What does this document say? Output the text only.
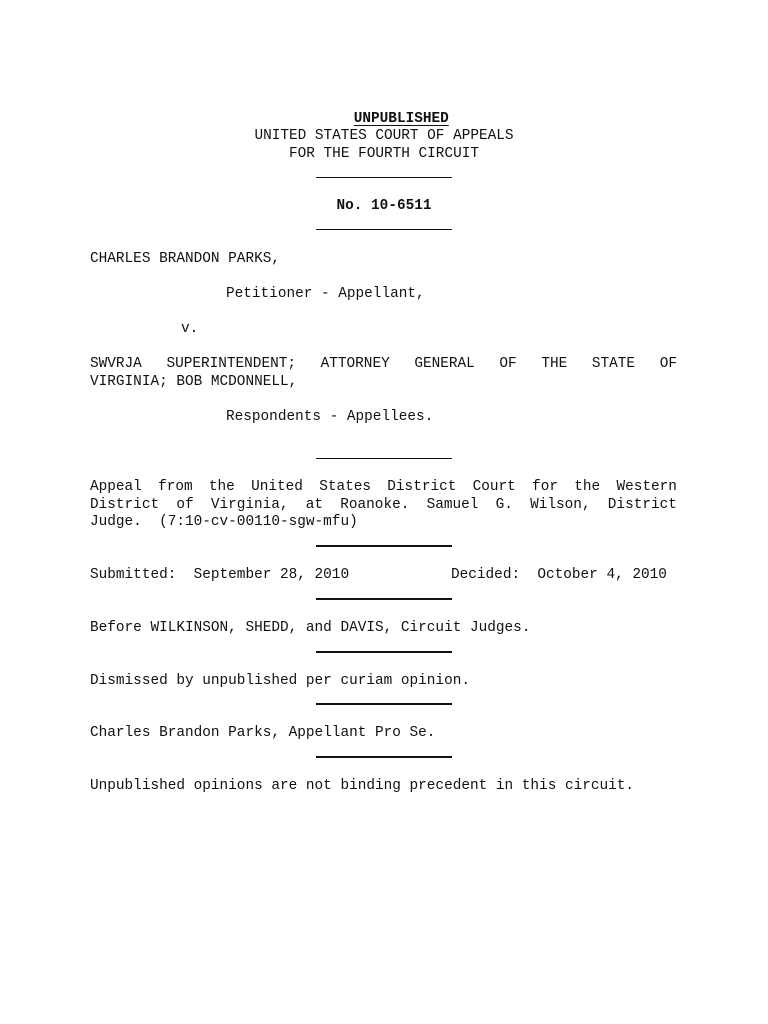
UNPUBLISHED

UNITED STATES COURT OF APPEALS
FOR THE FOURTH CIRCUIT
No. 10-6511
CHARLES BRANDON PARKS,
Petitioner - Appellant,
v.
SWVRJA SUPERINTENDENT; ATTORNEY GENERAL OF THE STATE OF
VIRGINIA; BOB MCDONNELL,
Respondents - Appellees.
Appeal from the United States District Court for the Western
District of Virginia, at Roanoke. Samuel G. Wilson, District
Judge.  (7:10-cv-00110-sgw-mfu)
Submitted:  September 28, 2010	Decided:  October 4, 2010
Before WILKINSON, SHEDD, and DAVIS, Circuit Judges.
Dismissed by unpublished per curiam opinion.
Charles Brandon Parks, Appellant Pro Se.
Unpublished opinions are not binding precedent in this circuit.
